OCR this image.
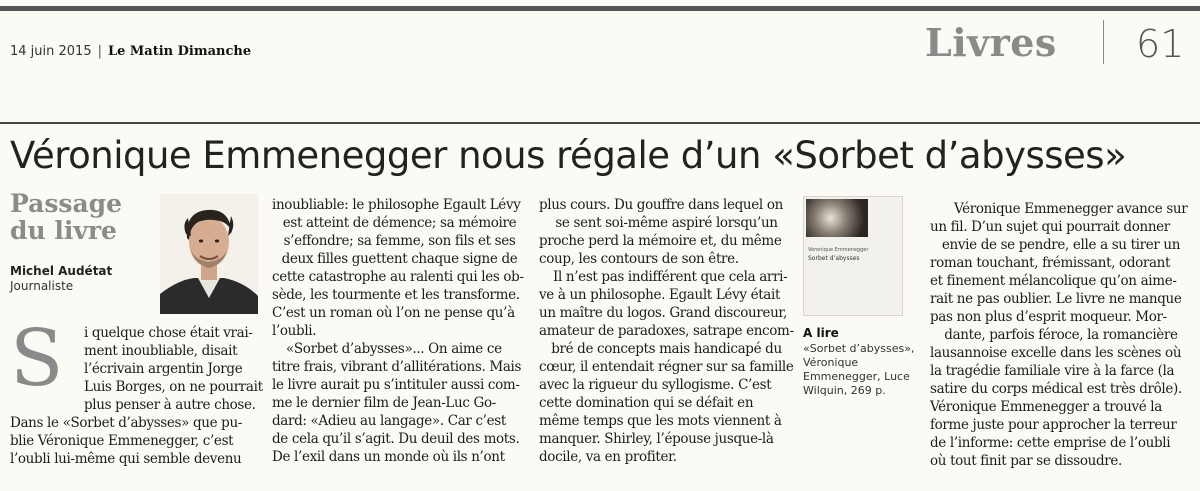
14 juin 2015 | Le Matin Dimanche	Livres 61
Véronique Emmenegger nous régale d’un «Sorbet d’abysses»
Passage
du livre
Michel Audétat
Journaliste
S	i quelque chose était vrai-
ment inoubliable, disait
l’écrivain argentin Jorge
Luis Borges, on ne pourrait
plus penser à autre chose.
Dans le «Sorbet d’abysses» que pu-
blie Véronique Emmenegger, c’est
l’oubli lui-même qui semble devenu
inoubliable: le philosophe Egault Lévy
est atteint de démence; sa mémoire
s’effondre; sa femme, son fils et ses
deux filles guettent chaque signe de
cette catastrophe au ralenti qui les ob-
sède, les tourmente et les transforme.
C’est un roman où l’on ne pense qu’à
l’oubli.
«Sorbet d’abysses»... On aime ce
titre frais, vibrant d’allitérations. Mais
le livre aurait pu s’intituler aussi com-
me le dernier film de Jean-Luc Go-
dard: «Adieu au langage». Car c’est
de cela qu’il s’agit. Du deuil des mots.
De l’exil dans un monde où ils n’ont
plus cours. Du gouffre dans lequel on
se sent soi-même aspiré lorsqu’un
proche perd la mémoire et, du même
coup, les contours de son être.
Il n’est pas indifférent que cela arri-
ve à un philosophe. Egault Lévy était
un maître du logos. Grand discoureur,
amateur de paradoxes, satrape encom-
bré de concepts mais handicapé du
cœur, il entendait régner sur sa famille
avec la rigueur du syllogisme. C’est
cette domination qui se défait en
même temps que les mots viennent à
manquer. Shirley, l’épouse jusque-là
docile, va en profiter.
Véronique Emmenegger
Sorbet d’abysses
A lire
«Sorbet d’abysses»,
Véronique
Emmenegger, Luce
Wilquin, 269 p.
Véronique Emmenegger avance sur
un fil. D’un sujet qui pourrait donner
envie de se pendre, elle a su tirer un
roman touchant, frémissant, odorant
et finement mélancolique qu’on aime-
rait ne pas oublier. Le livre ne manque
pas non plus d’esprit moqueur. Mor-
dante, parfois féroce, la romancière
lausannoise excelle dans les scènes où
la tragédie familiale vire à la farce (la
satire du corps médical est très drôle).
Véronique Emmenegger a trouvé la
forme juste pour approcher la terreur
de l’informe: cette emprise de l’oubli
où tout finit par se dissoudre.
